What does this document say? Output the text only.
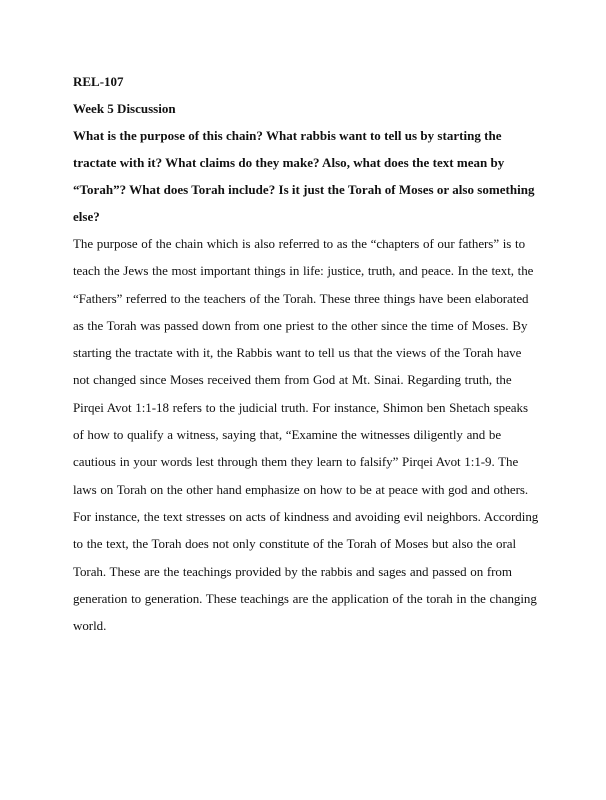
REL-107

Week 5 Discussion

What is the purpose of this chain? What rabbis want to tell us by starting the tractate with it? What claims do they make? Also, what does the text mean by “Torah”? What does Torah include? Is it just the Torah of Moses or also something else?

The purpose of the chain which is also referred to as the “chapters of our fathers” is to teach the Jews the most important things in life: justice, truth, and peace. In the text, the “Fathers” referred to the teachers of the Torah. These three things have been elaborated as the Torah was passed down from one priest to the other since the time of Moses. By starting the tractate with it, the Rabbis want to tell us that the views of the Torah have not changed since Moses received them from God at Mt. Sinai. Regarding truth, the Pirqei Avot 1:1-18 refers to the judicial truth. For instance, Shimon ben Shetach speaks of how to qualify a witness, saying that, “Examine the witnesses diligently and be cautious in your words lest through them they learn to falsify” Pirqei Avot 1:1-9. The laws on Torah on the other hand emphasize on how to be at peace with god and others. For instance, the text stresses on acts of kindness and avoiding evil neighbors. According to the text, the Torah does not only constitute of the Torah of Moses but also the oral Torah. These are the teachings provided by the rabbis and sages and passed on from generation to generation. These teachings are the application of the torah in the changing world.
